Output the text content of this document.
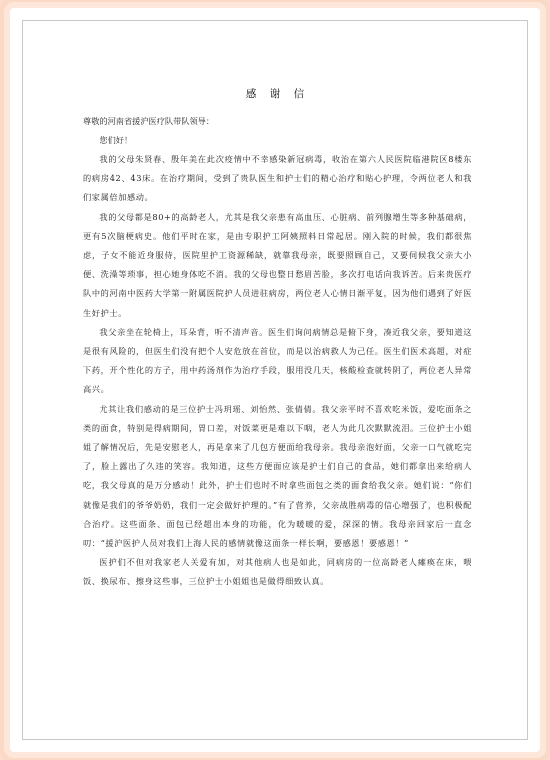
感 谢 信

尊敬的河南省援沪医疗队带队领导：

您们好！

我的父母朱贤春、殷年美在此次疫情中不幸感染新冠病毒，收治在第六人民医院临港院区8楼东的病房42、43床。在治疗期间，受到了贵队医生和护士们的精心治疗和贴心护理，令两位老人和我们家属倍加感动。

我的父母都是80+的高龄老人，尤其是我父亲患有高血压、心脏病、前列腺增生等多种基础病，更有5次脑梗病史。他们平时在家，是由专职护工阿姨照料日常起居。刚入院的时候，我们都很焦虑，子女不能近身服侍，医院里护工资源稀缺，就靠我母亲，既要照顾自己，又要伺候我父亲大小便、洗澡等琐事，担心她身体吃不消。我的父母也整日愁眉苦脸，多次打电话向我诉苦。后来贵医疗队中的河南中医药大学第一附属医院护人员进驻病房，两位老人心情日渐平复，因为他们遇到了好医生好护士。

我父亲坐在轮椅上，耳朵背，听不清声音。医生们询问病情总是俯下身，凑近我父亲，要知道这是很有风险的，但医生们没有把个人安危放在首位，而是以治病救人为己任。医生们医术高超，对症下药，开个性化的方子，用中药汤剂作为治疗手段，服用没几天，核酸检查就转阴了，两位老人异常高兴。

尤其让我们感动的是三位护士冯玥瑶、刘怡然、张倩倩。我父亲平时不喜欢吃米饭，爱吃面条之类的面食，特别是得病期间，胃口差，对饭菜更是难以下咽，老人为此几次默默流泪。三位护士小姐姐了解情况后，先是安慰老人，再是拿来了几包方便面给我母亲。我母亲泡好面，父亲一口气就吃完了，脸上露出了久违的笑容。我知道，这些方便面应该是护士们自己的食品，她们都拿出来给病人吃，我父母真的是万分感动！此外，护士们也时不时拿些面包之类的面食给我父亲。她们说：“你们就像是我们的爷爷奶奶，我们一定会做好护理的。”有了营养，父亲战胜病毒的信心增强了，也积极配合治疗。这些面条、面包已经超出本身的功能，化为暖暖的爱，深深的情。我母亲回家后一直念叨：“援沪医护人员对我们上海人民的感情就像这面条一样长啊，要感恩！要感恩！”

医护们不但对我家老人关爱有加，对其他病人也是如此，同病房的一位高龄老人瘫痪在床，喂饭、换尿布、擦身这些事，三位护士小姐姐也是做得细致认真。
